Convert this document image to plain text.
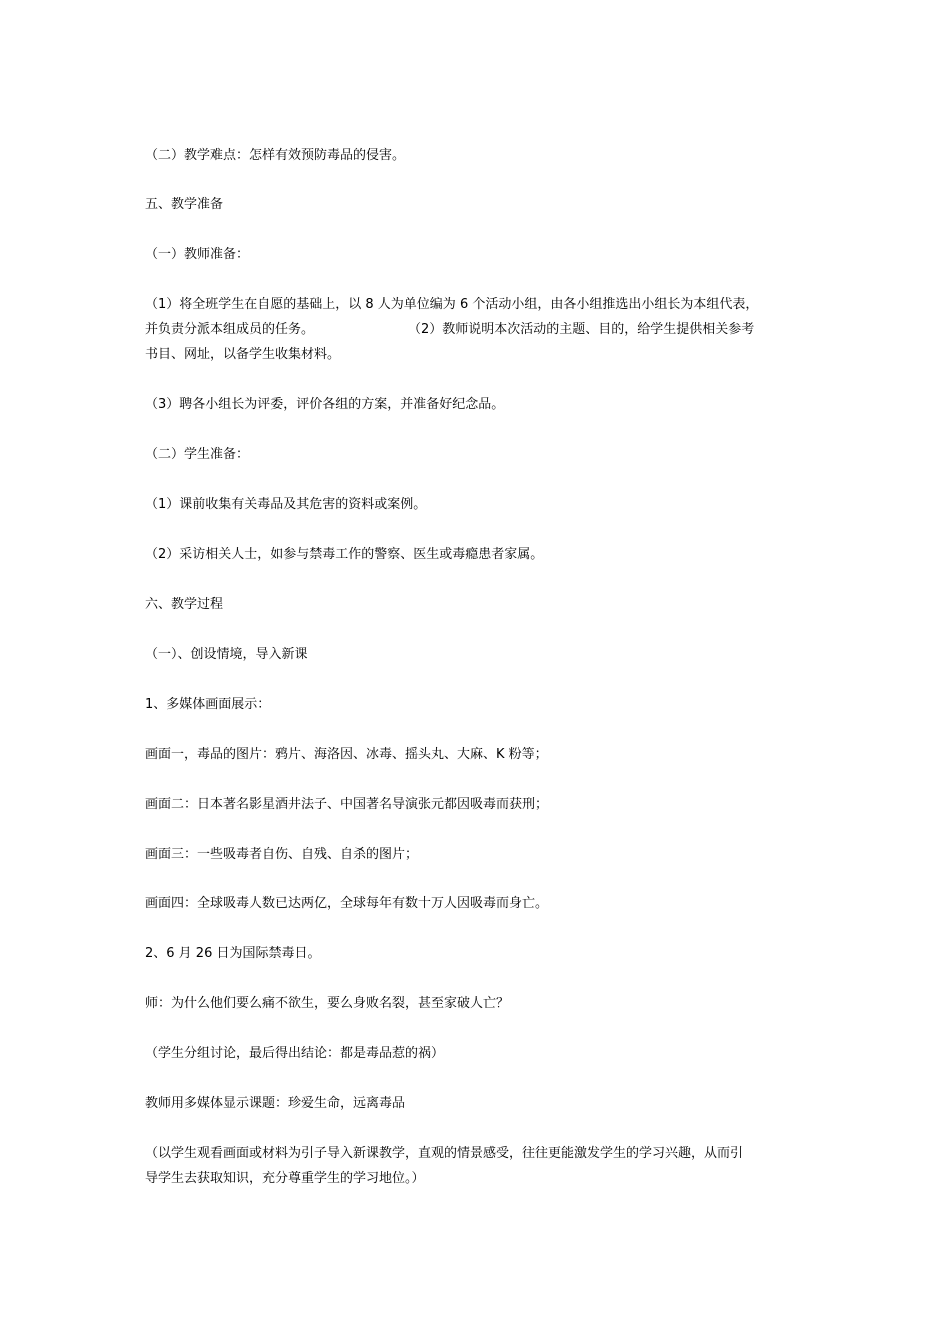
（二）教学难点：怎样有效预防毒品的侵害。
五、教学准备
（一）教师准备：
（1）将全班学生在自愿的基础上，以 8 人为单位编为 6 个活动小组，由各小组推选出小组长为本组代表，
并负责分派本组成员的任务。	（2）教师说明本次活动的主题、目的，给学生提供相关参考
书目、网址，以备学生收集材料。
（3）聘各小组长为评委，评价各组的方案，并准备好纪念品。
（二）学生准备：
（1）课前收集有关毒品及其危害的资料或案例。
（2）采访相关人士，如参与禁毒工作的警察、医生或毒瘾患者家属。
六、教学过程
（一）、创设情境，导入新课
1、多媒体画面展示：
画面一，毒品的图片：鸦片、海洛因、冰毒、摇头丸、大麻、K 粉等；
画面二：日本著名影星酒井法子、中国著名导演张元都因吸毒而获刑；
画面三：一些吸毒者自伤、自残、自杀的图片；
画面四：全球吸毒人数已达两亿，全球每年有数十万人因吸毒而身亡。
2、6 月 26 日为国际禁毒日。
师：为什么他们要么痛不欲生，要么身败名裂，甚至家破人亡？
（学生分组讨论，最后得出结论：都是毒品惹的祸）
教师用多媒体显示课题：珍爱生命，远离毒品
（以学生观看画面或材料为引子导入新课教学，直观的情景感受，往往更能激发学生的学习兴趣，从而引
导学生去获取知识，充分尊重学生的学习地位。）
